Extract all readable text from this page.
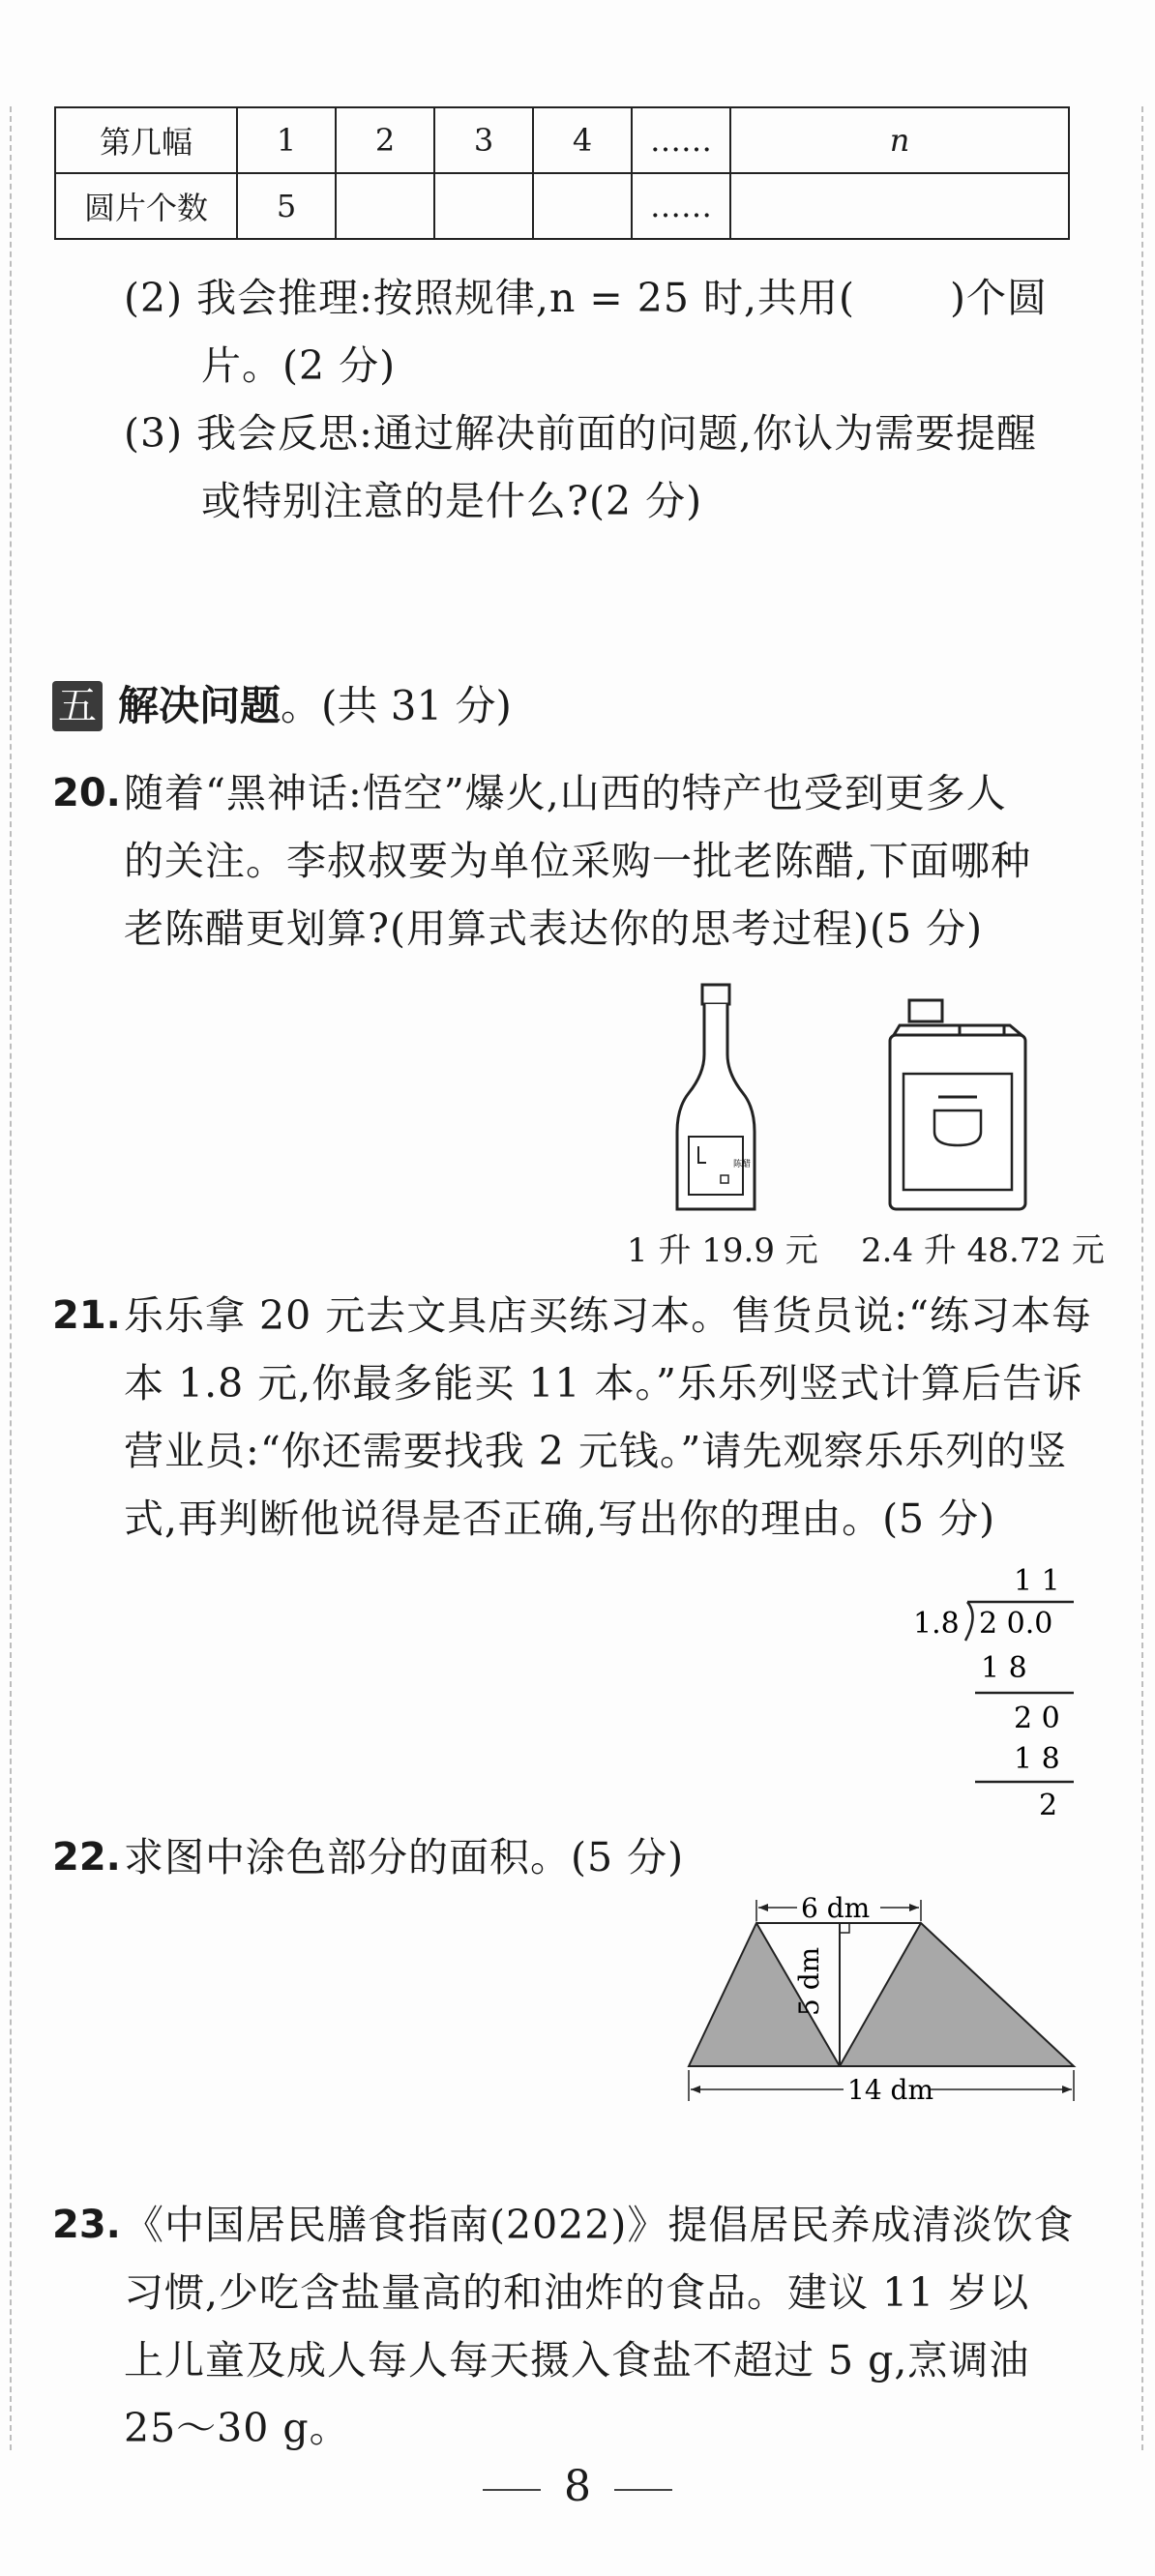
第几幅	1	2	3	4	……	n
圆片个数	5				……	
(2) 我会推理:按照规律,n = 25 时,共用(　　 )个圆
片。(2 分)
(3) 我会反思:通过解决前面的问题,你认为需要提醒
或特别注意的是什么?(2 分)
五 解决问题 。(共 31 分)
20. 随着“黑神话:悟空”爆火,山西的特产也受到更多人
的关注。李叔叔要为单位采购一批老陈醋,下面哪种
老陈醋更划算?(用算式表达你的思考过程)(5 分)
陈醋
1 升 19.9 元 2.4 升 48.72 元
21. 乐乐拿 20 元去文具店买练习本。售货员说:“练习本每
本 1.8 元,你最多能买 11 本。”乐乐列竖式计算后告诉
营业员:“你还需要找我 2 元钱。”请先观察乐乐列的竖
式,再判断他说得是否正确,写出你的理由。(5 分)
1 1
1.8 2 0.0
1 8
2 0
1 8
2
22. 求图中涂色部分的面积。(5 分)
6 dm
5 dm
14 dm
23. 《中国居民膳食指南(2022)》提倡居民养成清淡饮食
习惯,少吃含盐量高的和油炸的食品。建议 11 岁以
上儿童及成人每人每天摄入食盐不超过 5 g,烹调油
25～30 g。
8
